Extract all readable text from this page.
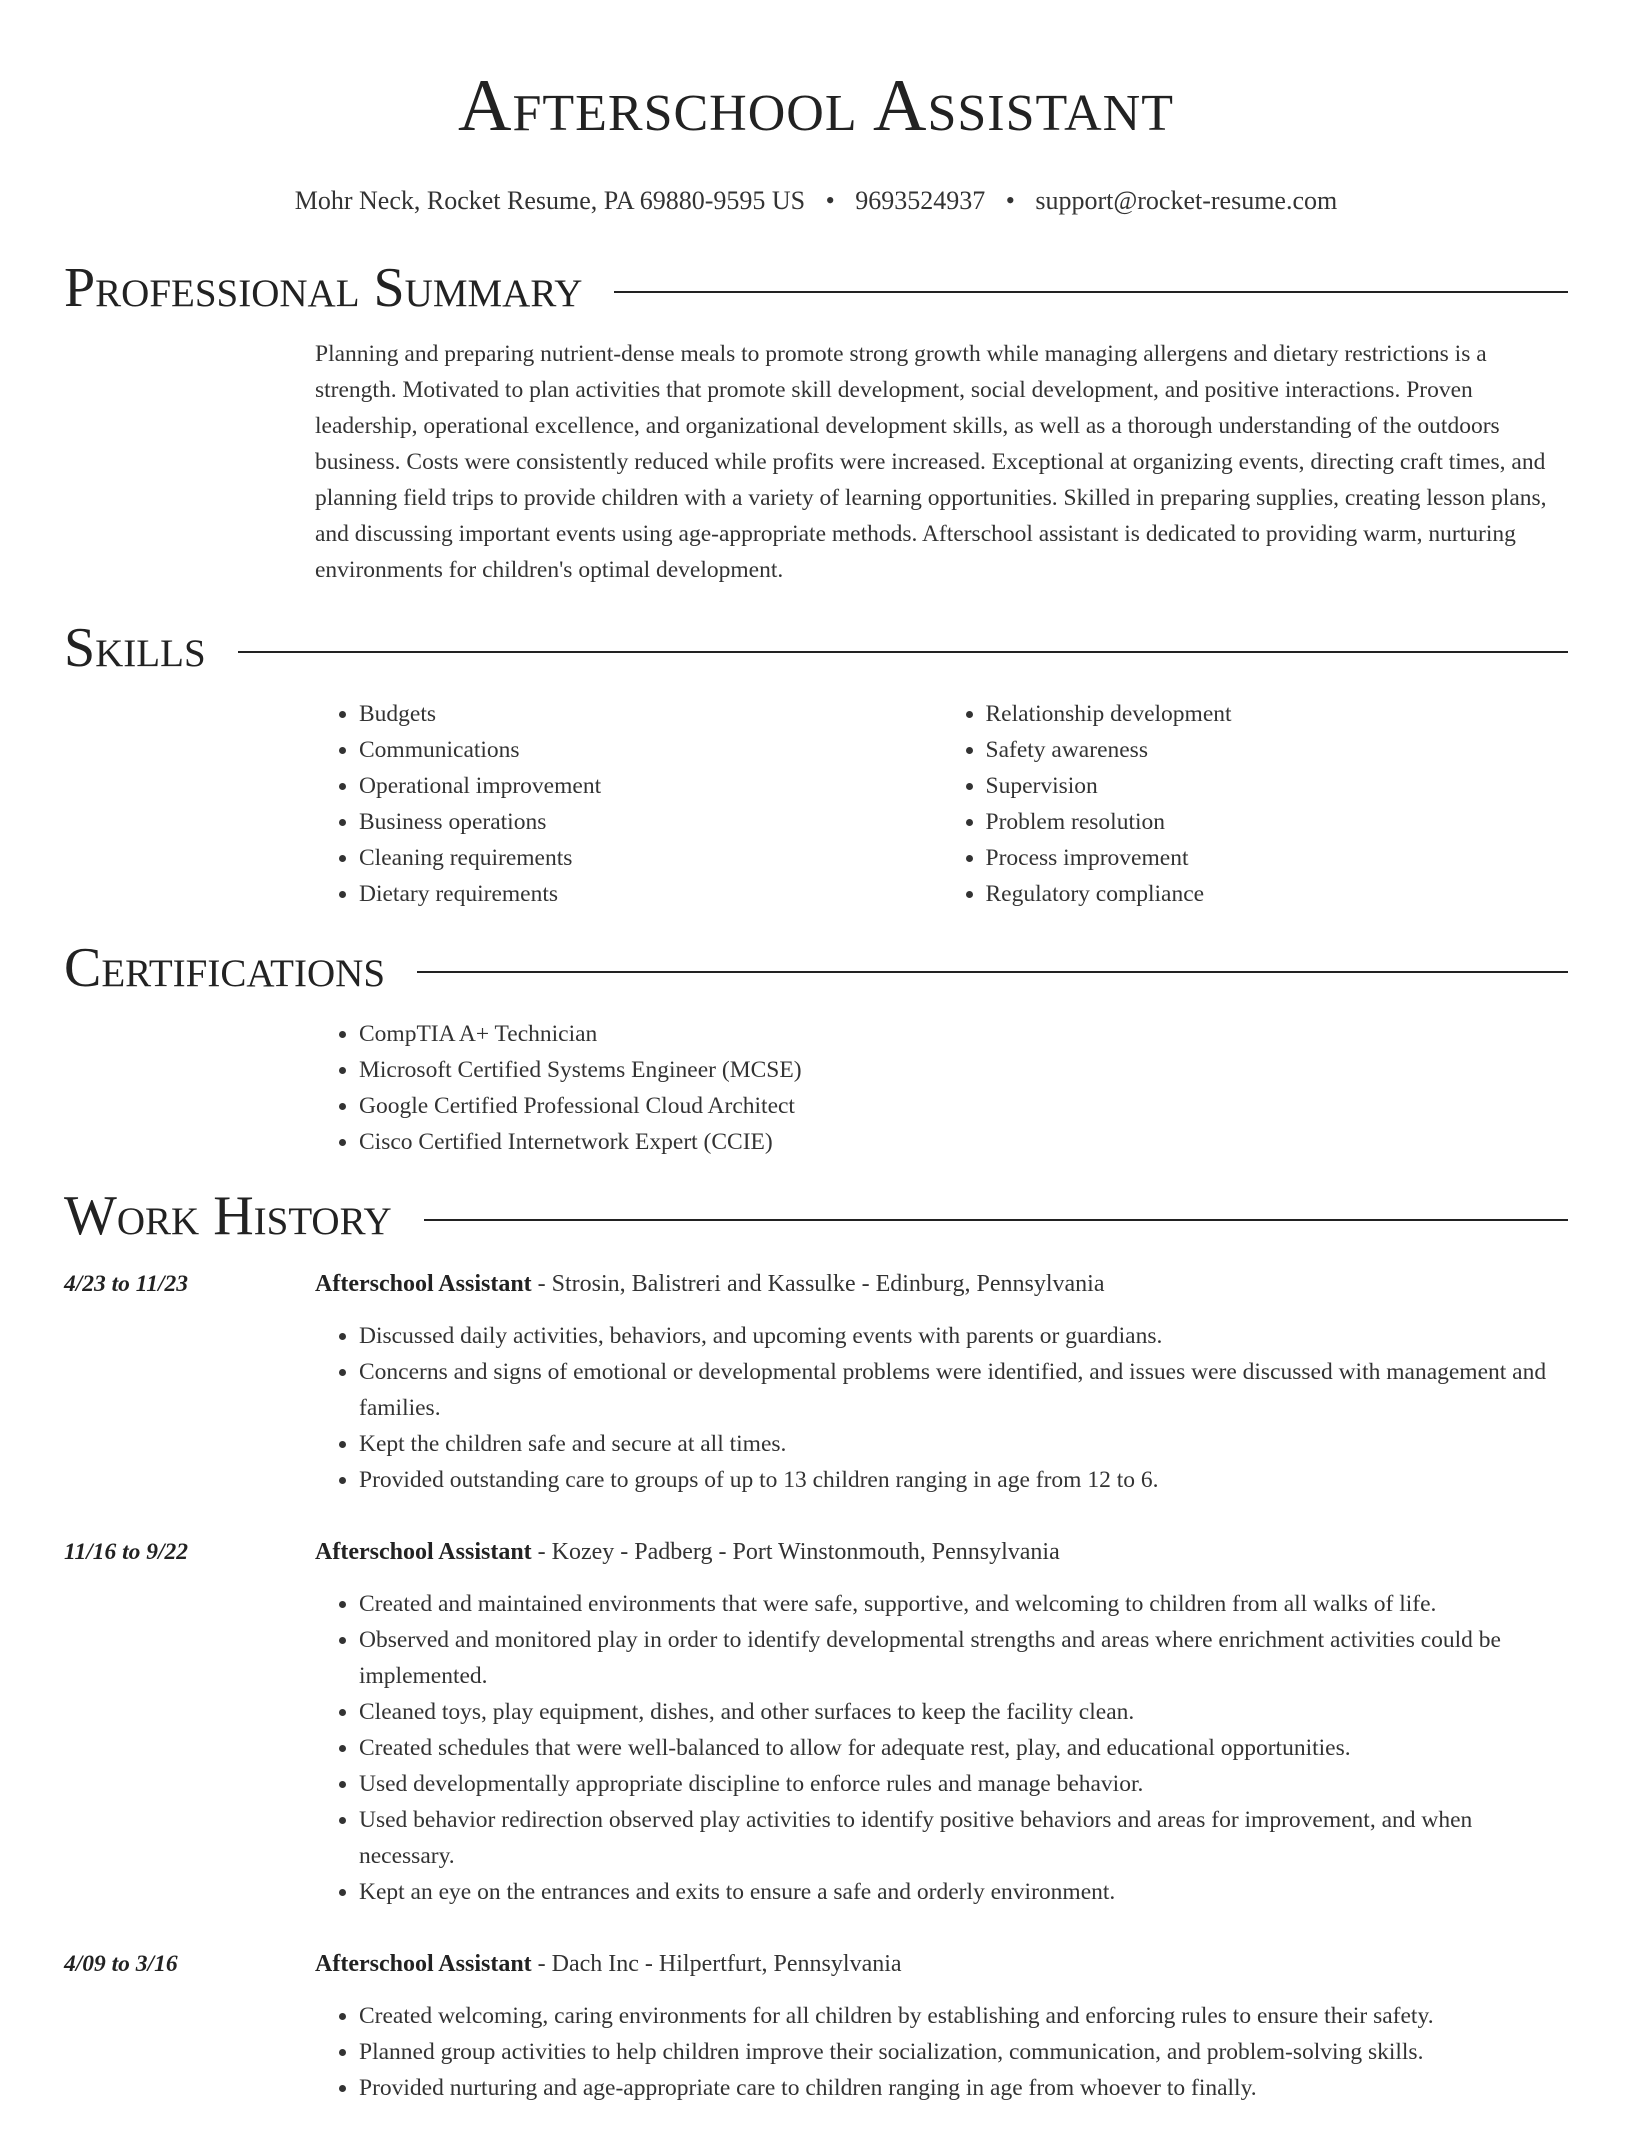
Afterschool Assistant
Mohr Neck, Rocket Resume, PA 69880-9595 US • 9693524937 • support@rocket-resume.com
Professional Summary

Planning and preparing nutrient-dense meals to promote strong growth while managing allergens and dietary restrictions is a strength. Motivated to plan activities that promote skill development, social development, and positive interactions. Proven leadership, operational excellence, and organizational development skills, as well as a thorough understanding of the outdoors business. Costs were consistently reduced while profits were increased. Exceptional at organizing events, directing craft times, and planning field trips to provide children with a variety of learning opportunities. Skilled in preparing supplies, creating lesson plans, and discussing important events using age-appropriate methods. Afterschool assistant is dedicated to providing warm, nurturing environments for children's optimal development.

Skills
• Budgets
• Communications
• Operational improvement
• Business operations
• Cleaning requirements
• Dietary requirements
• Relationship development
• Safety awareness
• Supervision
• Problem resolution
• Process improvement
• Regulatory compliance
Certifications
• CompTIA A+ Technician
• Microsoft Certified Systems Engineer (MCSE)
• Google Certified Professional Cloud Architect
• Cisco Certified Internetwork Expert (CCIE)
Work History
4/23 to 11/23	Afterschool Assistant - Strosin, Balistreri and Kassulke - Edinburg, Pennsylvania
• Discussed daily activities, behaviors, and upcoming events with parents or guardians.
• Concerns and signs of emotional or developmental problems were identified, and issues were discussed with management and families.
• Kept the children safe and secure at all times.
• Provided outstanding care to groups of up to 13 children ranging in age from 12 to 6.
11/16 to 9/22	Afterschool Assistant - Kozey - Padberg - Port Winstonmouth, Pennsylvania
• Created and maintained environments that were safe, supportive, and welcoming to children from all walks of life.
• Observed and monitored play in order to identify developmental strengths and areas where enrichment activities could be implemented.
• Cleaned toys, play equipment, dishes, and other surfaces to keep the facility clean.
• Created schedules that were well-balanced to allow for adequate rest, play, and educational opportunities.
• Used developmentally appropriate discipline to enforce rules and manage behavior.
• Used behavior redirection observed play activities to identify positive behaviors and areas for improvement, and when necessary.
• Kept an eye on the entrances and exits to ensure a safe and orderly environment.
4/09 to 3/16	Afterschool Assistant - Dach Inc - Hilpertfurt, Pennsylvania
• Created welcoming, caring environments for all children by establishing and enforcing rules to ensure their safety.
• Planned group activities to help children improve their socialization, communication, and problem-solving skills.
• Provided nurturing and age-appropriate care to children ranging in age from whoever to finally.
